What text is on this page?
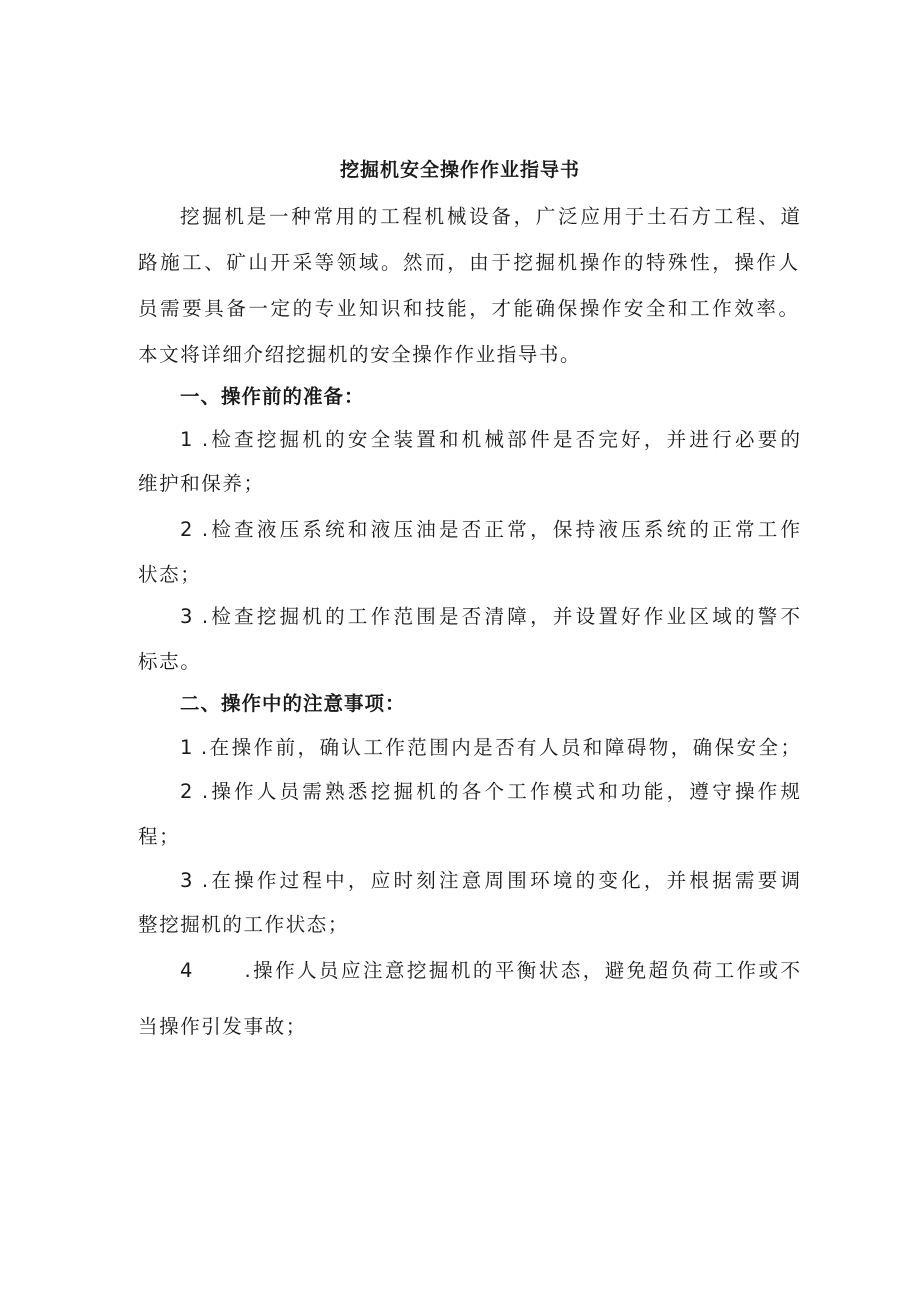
挖掘机安全操作作业指导书
挖掘机是一种常用的工程机械设备，广泛应用于土石方工程、道
路施工、矿山开采等领域。然而，由于挖掘机操作的特殊性，操作人
员需要具备一定的专业知识和技能，才能确保操作安全和工作效率。
本文将详细介绍挖掘机的安全操作作业指导书。
一、操作前的准备：
1 .检查挖掘机的安全装置和机械部件是否完好，并进行必要的
维护和保养；
2 .检查液压系统和液压油是否正常，保持液压系统的正常工作
状态；
3 .检查挖掘机的工作范围是否清障，并设置好作业区域的警不
标志。
二、操作中的注意事项：
1 .在操作前，确认工作范围内是否有人员和障碍物，确保安全；
2 .操作人员需熟悉挖掘机的各个工作模式和功能，遵守操作规
程；
3 .在操作过程中，应时刻注意周围环境的变化，并根据需要调
整挖掘机的工作状态；
4      .操作人员应注意挖掘机的平衡状态，避免超负荷工作或不
当操作引发事故；
